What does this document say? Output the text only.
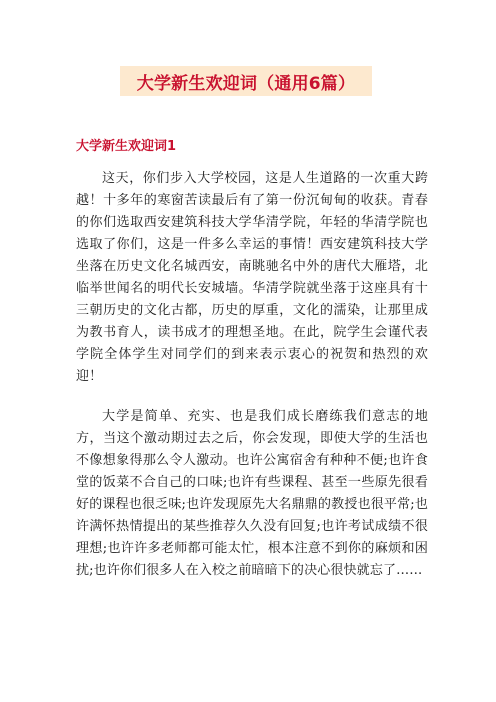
大学新生欢迎词（通用6篇）
大学新生欢迎词1

这天，你们步入大学校园，这是人生道路的一次重大跨越！十多年的寒窗苦读最后有了第一份沉甸甸的收获。青春的你们选取西安建筑科技大学华清学院，年轻的华清学院也选取了你们，这是一件多么幸运的事情！西安建筑科技大学坐落在历史文化名城西安，南眺驰名中外的唐代大雁塔，北临举世闻名的明代长安城墙。华清学院就坐落于这座具有十三朝历史的文化古都，历史的厚重，文化的濡染，让那里成为教书育人，读书成才的理想圣地。在此，院学生会谨代表学院全体学生对同学们的到来表示衷心的祝贺和热烈的欢迎！

大学是简单、充实、也是我们成长磨练我们意志的地方，当这个激动期过去之后，你会发现，即使大学的生活也不像想象得那么令人激动。也许公寓宿舍有种种不便;也许食堂的饭菜不合自己的口味;也许有些课程、甚至一些原先很看好的课程也很乏味;也许发现原先大名鼎鼎的教授也很平常;也许满怀热情提出的某些推荐久久没有回复;也许考试成绩不很理想;也许许多老师都可能太忙，根本注意不到你的麻烦和困扰;也许你们很多人在入校之前暗暗下的决心很快就忘了……
